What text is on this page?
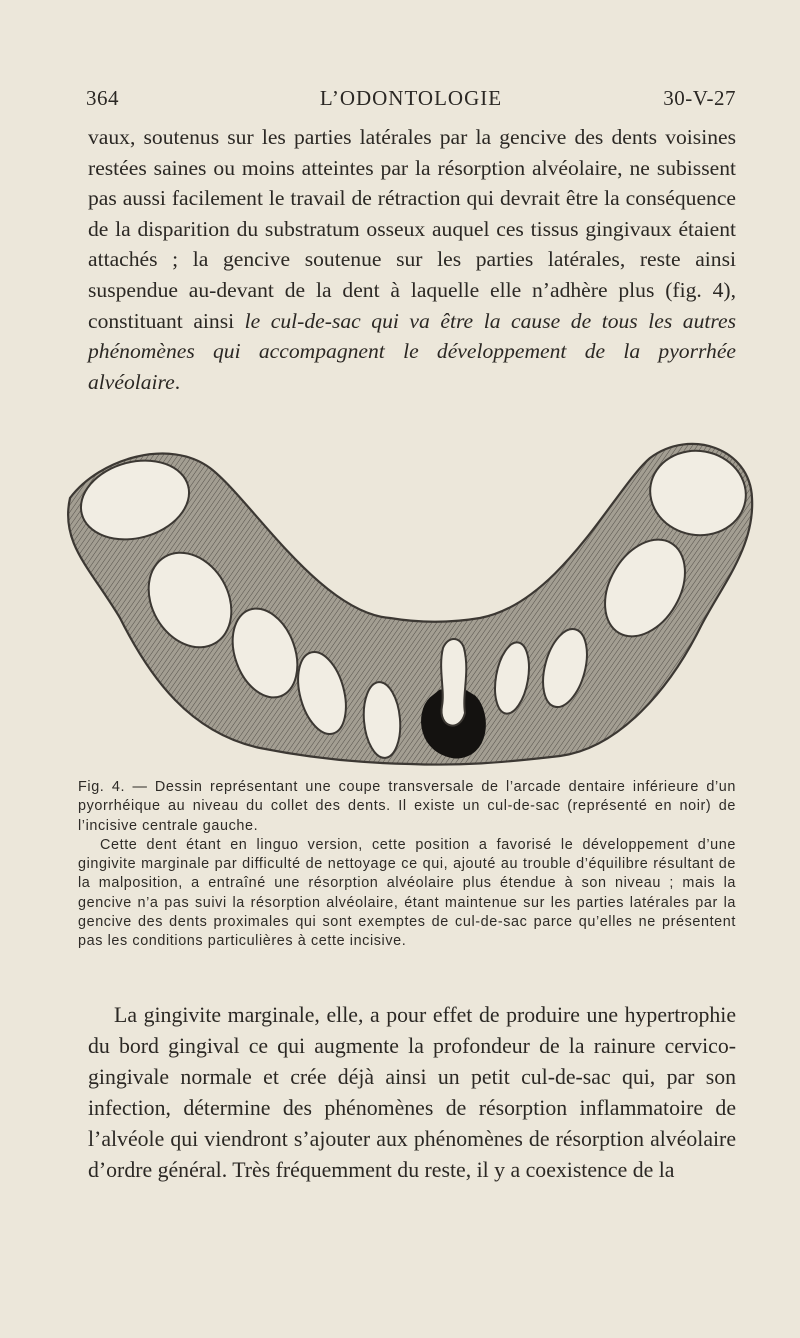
364	L’ODONTOLOGIE	30-V-27

vaux, soutenus sur les parties latérales par la gencive des dents voisines restées saines ou moins atteintes par la résorption alvéolaire, ne subissent pas aussi facilement le travail de rétraction qui devrait être la conséquence de la disparition du substratum osseux auquel ces tissus gingivaux étaient attachés ; la gencive soutenue sur les parties latérales, reste ainsi suspendue au-devant de la dent à laquelle elle n’adhère plus (fig. 4), constituant ainsi le cul-de-sac qui va être la cause de tous les autres phénomènes qui accompagnent le développement de la pyorrhée alvéolaire.

Fig. 4. — Dessin représentant une coupe transversale de l’arcade dentaire inférieure d’un pyorrhéique au niveau du collet des dents. Il existe un cul-de-sac (représenté en noir) de l’incisive centrale gauche.

Cette dent étant en linguo version, cette position a favorisé le développement d’une gingivite marginale par difficulté de nettoyage ce qui, ajouté au trouble d’équilibre résultant de la malposition, a entraîné une résorption alvéolaire plus étendue à son niveau ; mais la gencive n’a pas suivi la résorption alvéolaire, étant maintenue sur les parties latérales par la gencive des dents proximales qui sont exemptes de cul-de-sac parce qu’elles ne présentent pas les conditions particulières à cette incisive.

La gingivite marginale, elle, a pour effet de produire une hypertrophie du bord gingival ce qui augmente la profondeur de la rainure cervico-gingivale normale et crée déjà ainsi un petit cul-de-sac qui, par son infection, détermine des phénomènes de résorption inflammatoire de l’alvéole qui viendront s’ajouter aux phénomènes de résorption alvéolaire d’ordre général. Très fréquemment du reste, il y a coexistence de la
